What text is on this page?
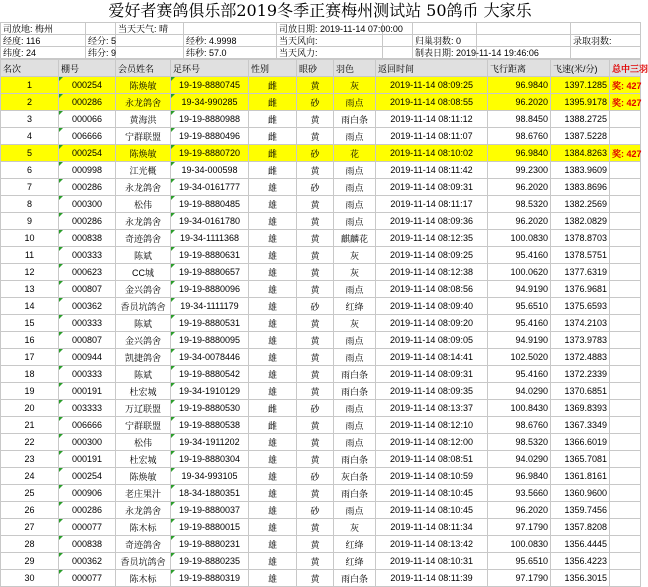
爱好者赛鸽俱乐部2019冬季正赛梅州测试站 50鸽币 大家乐
司放地: 梅州		当天天气: 晴		司放日期: 2019-11-14 07:00:00				
经度: 116	经分: 5		经秒: 4.9998	当天风向:		归巢羽数: 0		录取羽数:
纬度: 24	纬分: 9		纬秒: 57.0	当天风力:		制表日期: 2019-11-14 19:46:06		
名次	棚号	会员姓名	足环号	性别	眼砂	羽色	返回时间	飞行距离	飞速(米/分)	总中三羽
1	000254	陈焕敏	19-19-8880745	雌	黄	灰	2019-11-14 08:09:25	96.9840	1397.1285	奖: 427
2	000286	永龙鸽舍	19-34-990285	雌	砂	雨点	2019-11-14 08:08:55	96.2020	1395.9178	奖: 427
3	000066	黄海洪	19-19-8880988	雌	黄	雨白条	2019-11-14 08:11:12	98.8450	1388.2725	
4	006666	宁群联盟	19-19-8880496	雌	黄	雨点	2019-11-14 08:11:07	98.6760	1387.5228	
5	000254	陈焕敏	19-19-8880720	雌	砂	花	2019-11-14 08:10:02	96.9840	1384.8263	奖: 427
6	000998	江光概	19-34-000598	雌	黄	雨点	2019-11-14 08:11:42	99.2300	1383.9609	
7	000286	永龙鸽舍	19-34-0161777	雄	砂	雨点	2019-11-14 08:09:31	96.2020	1383.8696	
8	000300	松伟	19-19-8880485	雄	黄	雨点	2019-11-14 08:11:17	98.5320	1382.2569	
9	000286	永龙鸽舍	19-34-0161780	雄	黄	雨点	2019-11-14 08:09:36	96.2020	1382.0829	
10	000838	奇迹鸽舍	19-34-1111368	雄	黄	麒麟花	2019-11-14 08:12:35	100.0830	1378.8703	
11	000333	陈斌	19-19-8880631	雄	黄	灰	2019-11-14 08:09:25	95.4160	1378.5751	
12	000623	CC城	19-19-8880657	雄	黄	灰	2019-11-14 08:12:38	100.0620	1377.6319	
13	000807	金兴鸽舍	19-19-8880096	雄	黄	雨点	2019-11-14 08:08:56	94.9190	1376.9681	
14	000362	香员坑鸽舍	19-34-1111179	雄	砂	红绛	2019-11-14 08:09:40	95.6510	1375.6593	
15	000333	陈斌	19-19-8880531	雄	黄	灰	2019-11-14 08:09:20	95.4160	1374.2103	
16	000807	金兴鸽舍	19-19-8880095	雄	黄	雨点	2019-11-14 08:09:05	94.9190	1373.9783	
17	000944	凯捷鸽舍	19-34-0078446	雄	黄	雨点	2019-11-14 08:14:41	102.5020	1372.4883	
18	000333	陈斌	19-19-8880542	雄	黄	雨白条	2019-11-14 08:09:31	95.4160	1372.2339	
19	000191	杜宏城	19-34-1910129	雄	黄	雨白条	2019-11-14 08:09:35	94.0290	1370.6851	
20	003333	万辽联盟	19-19-8880530	雌	砂	雨点	2019-11-14 08:13:37	100.8430	1369.8393	
21	006666	宁群联盟	19-19-8880538	雌	黄	雨点	2019-11-14 08:12:10	98.6760	1367.3349	
22	000300	松伟	19-34-1911202	雄	黄	雨点	2019-11-14 08:12:00	98.5320	1366.6019	
23	000191	杜宏城	19-19-8880304	雄	黄	雨白条	2019-11-14 08:08:51	94.0290	1365.7081	
24	000254	陈焕敏	19-34-993105	雄	砂	灰白条	2019-11-14 08:10:59	96.9840	1361.8161	
25	000906	老庄果汁	18-34-1880351	雄	黄	雨白条	2019-11-14 08:10:45	93.5660	1360.9600	
26	000286	永龙鸽舍	19-19-8880037	雄	砂	雨点	2019-11-14 08:10:45	96.2020	1359.7456	
27	000077	陈木标	19-19-8880015	雄	黄	灰	2019-11-14 08:11:34	97.1790	1357.8208	
28	000838	奇迹鸽舍	19-19-8880231	雄	黄	红绛	2019-11-14 08:13:42	100.0830	1356.4445	
29	000362	香员坑鸽舍	19-19-8880235	雄	黄	红绛	2019-11-14 08:10:31	95.6510	1356.4223	
30	000077	陈木标	19-19-8880319	雄	黄	雨白条	2019-11-14 08:11:39	97.1790	1356.3015	
